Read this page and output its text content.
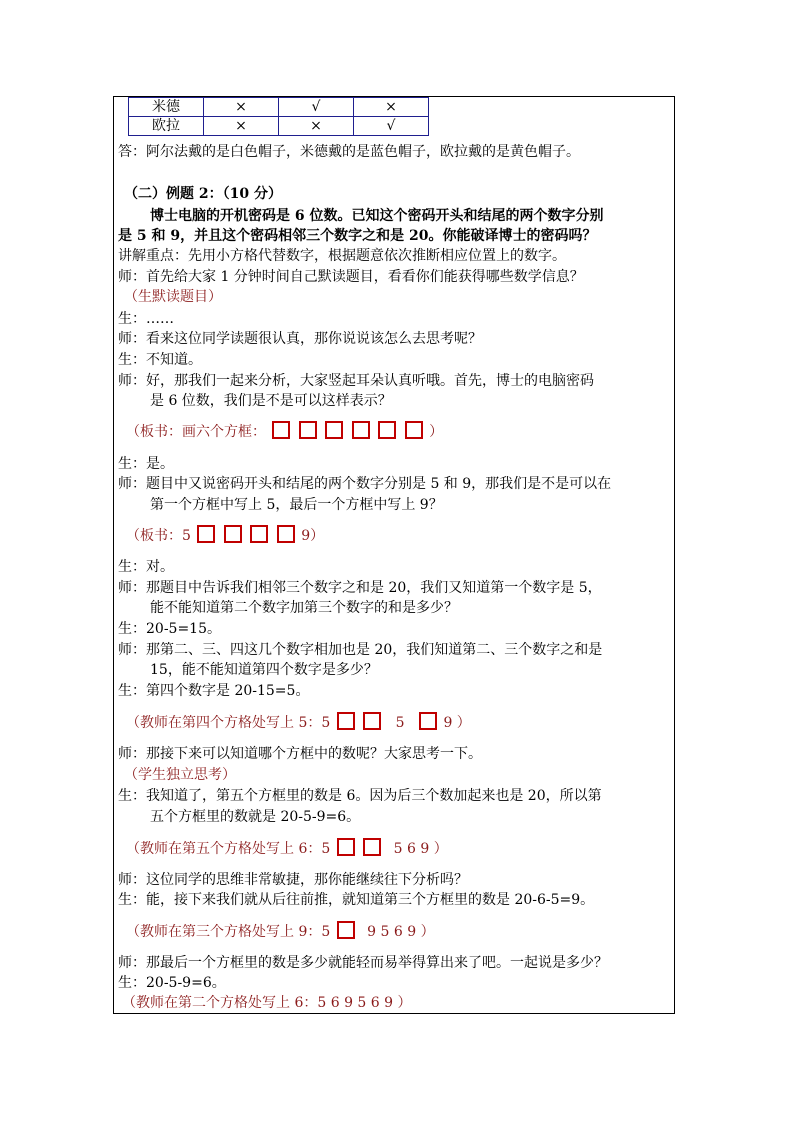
米德	×	√	×
欧拉	×	×	√
答：阿尔法戴的是白色帽子，米德戴的是蓝色帽子，欧拉戴的是黄色帽子。
（二）例题 2：（10 分）
博士电脑的开机密码是 6 位数。已知这个密码开头和结尾的两个数字分别
是 5 和 9，并且这个密码相邻三个数字之和是 20。你能破译博士的密码吗？
讲解重点：先用小方格代替数字，根据题意依次推断相应位置上的数字。
师：首先给大家 1 分钟时间自己默读题目，看看你们能获得哪些数学信息？
（生默读题目）
生：……
师：看来这位同学读题很认真，那你说说该怎么去思考呢？
生：不知道。
师：好，那我们一起来分析，大家竖起耳朵认真听哦。首先，博士的电脑密码
是 6 位数，我们是不是可以这样表示？
（板书：画六个方框：	）
生：是。
师：题目中又说密码开头和结尾的两个数字分别是 5 和 9，那我们是不是可以在
第一个方框中写上 5，最后一个方框中写上 9？
（板书：5	9）
生：对。
师：那题目中告诉我们相邻三个数字之和是 20，我们又知道第一个数字是 5，
能不能知道第二个数字加第三个数字的和是多少？
生：20-5=15。
师：那第二、三、四这几个数字相加也是 20，我们知道第二、三个数字之和是
15，能不能知道第四个数字是多少？
生：第四个数字是 20-15=5。
（教师在第四个方格处写上 5：5	5	9 ）
师：那接下来可以知道哪个方框中的数呢？大家思考一下。
（学生独立思考）
生：我知道了，第五个方框里的数是 6。因为后三个数加起来也是 20，所以第
五个方框里的数就是 20-5-9=6。
（教师在第五个方格处写上 6：5	5 6 9 ）
师：这位同学的思维非常敏捷，那你能继续往下分析吗？
生：能，接下来我们就从后往前推，就知道第三个方框里的数是 20-6-5=9。
（教师在第三个方格处写上 9：5	9 5 6 9 ）
师：那最后一个方框里的数是多少就能轻而易举得算出来了吧。一起说是多少？
生：20-5-9=6。
（教师在第二个方格处写上 6：5 6 9 5 6 9 ）
